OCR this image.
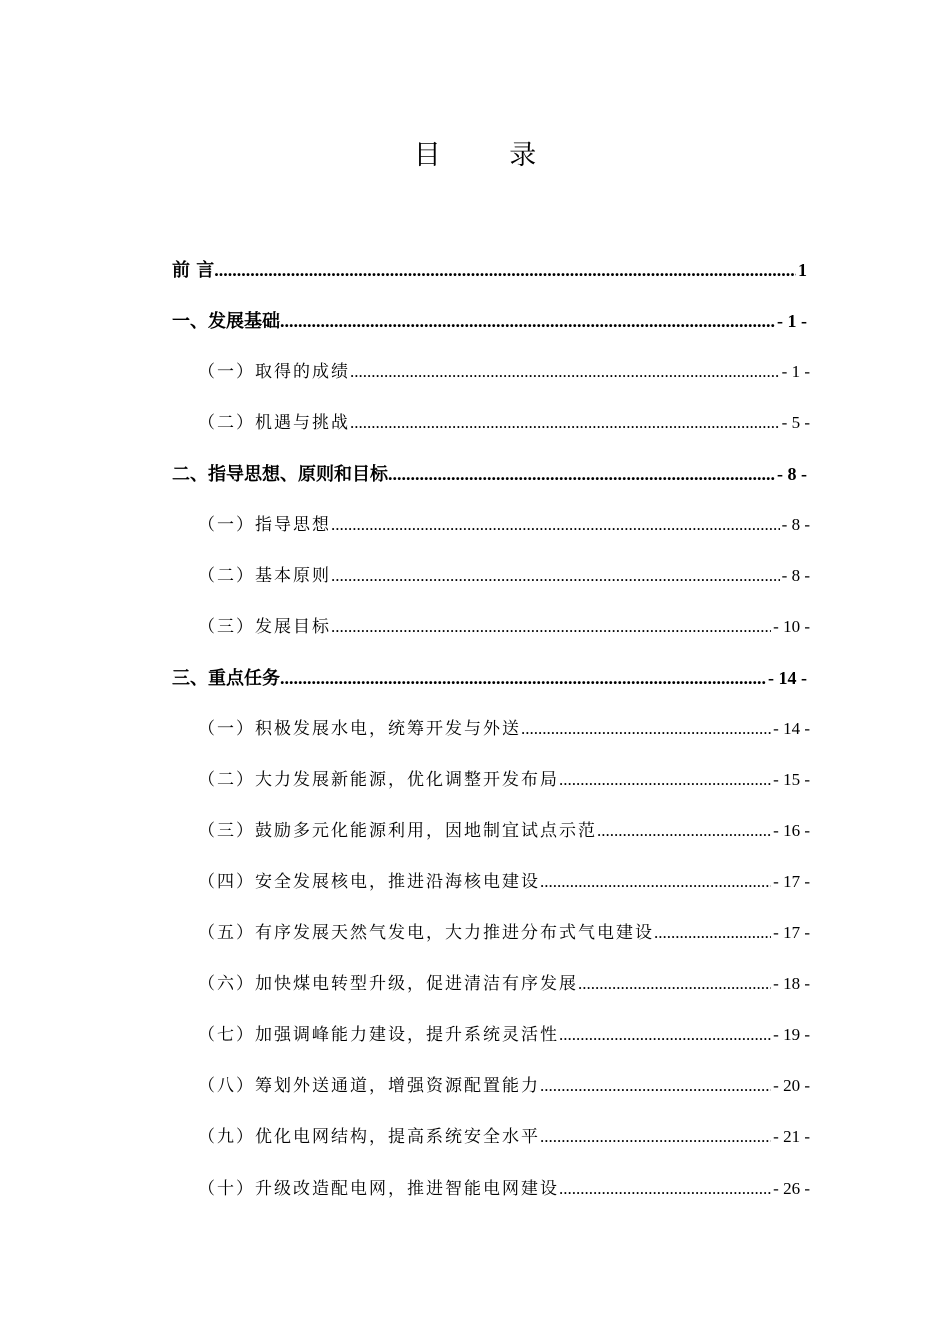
目 录
前 言 .....	1
一、发展基础 .....	- 1 -
（一）取得的成绩 .....	- 1 -
（二）机遇与挑战 .....	- 5 -
二、指导思想、原则和目标 .....	- 8 -
（一）指导思想 .....	- 8 -
（二）基本原则 .....	- 8 -
（三）发展目标 .....	- 10 -
三、重点任务 .....	- 14 -
（一）积极发展水电，统筹开发与外送 .....	- 14 -
（二）大力发展新能源，优化调整开发布局 .....	- 15 -
（三）鼓励多元化能源利用，因地制宜试点示范 .....	- 16 -
（四）安全发展核电，推进沿海核电建设 .....	- 17 -
（五）有序发展天然气发电，大力推进分布式气电建设 .....	- 17 -
（六）加快煤电转型升级，促进清洁有序发展 .....	- 18 -
（七）加强调峰能力建设，提升系统灵活性 .....	- 19 -
（八）筹划外送通道，增强资源配置能力 .....	- 20 -
（九）优化电网结构，提高系统安全水平 .....	- 21 -
（十）升级改造配电网，推进智能电网建设 .....	- 26 -
